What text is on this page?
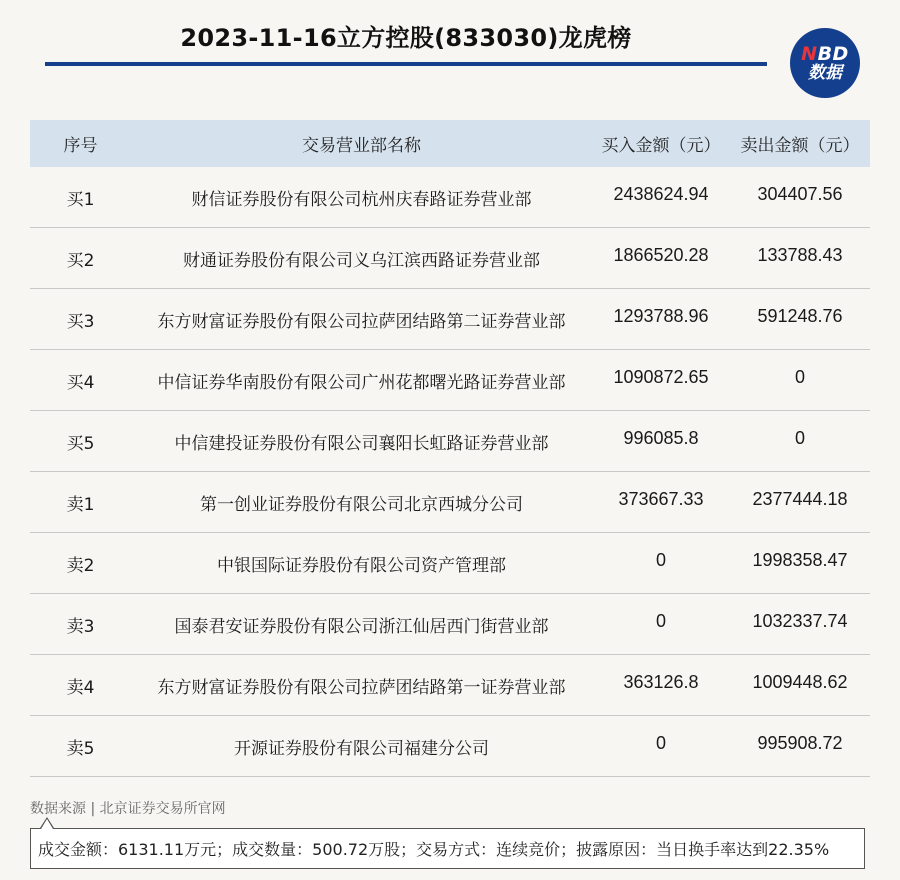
2023-11-16立方控股(833030)龙虎榜
NBD
数据
序号	交易营业部名称	买入金额（元）	卖出金额（元）
买1	财信证券股份有限公司杭州庆春路证券营业部	2438624.94	304407.56
买2	财通证券股份有限公司义乌江滨西路证券营业部	1866520.28	133788.43
买3	东方财富证券股份有限公司拉萨团结路第二证券营业部	1293788.96	591248.76
买4	中信证券华南股份有限公司广州花都曙光路证券营业部	1090872.65	0
买5	中信建投证券股份有限公司襄阳长虹路证券营业部	996085.8	0
卖1	第一创业证券股份有限公司北京西城分公司	373667.33	2377444.18
卖2	中银国际证券股份有限公司资产管理部	0	1998358.47
卖3	国泰君安证券股份有限公司浙江仙居西门街营业部	0	1032337.74
卖4	东方财富证券股份有限公司拉萨团结路第一证券营业部	363126.8	1009448.62
卖5	开源证券股份有限公司福建分公司	0	995908.72
数据来源 | 北京证券交易所官网
成交金额：6131.11万元；成交数量：500.72万股；交易方式：连续竞价；披露原因：当日换手率达到22.35%
